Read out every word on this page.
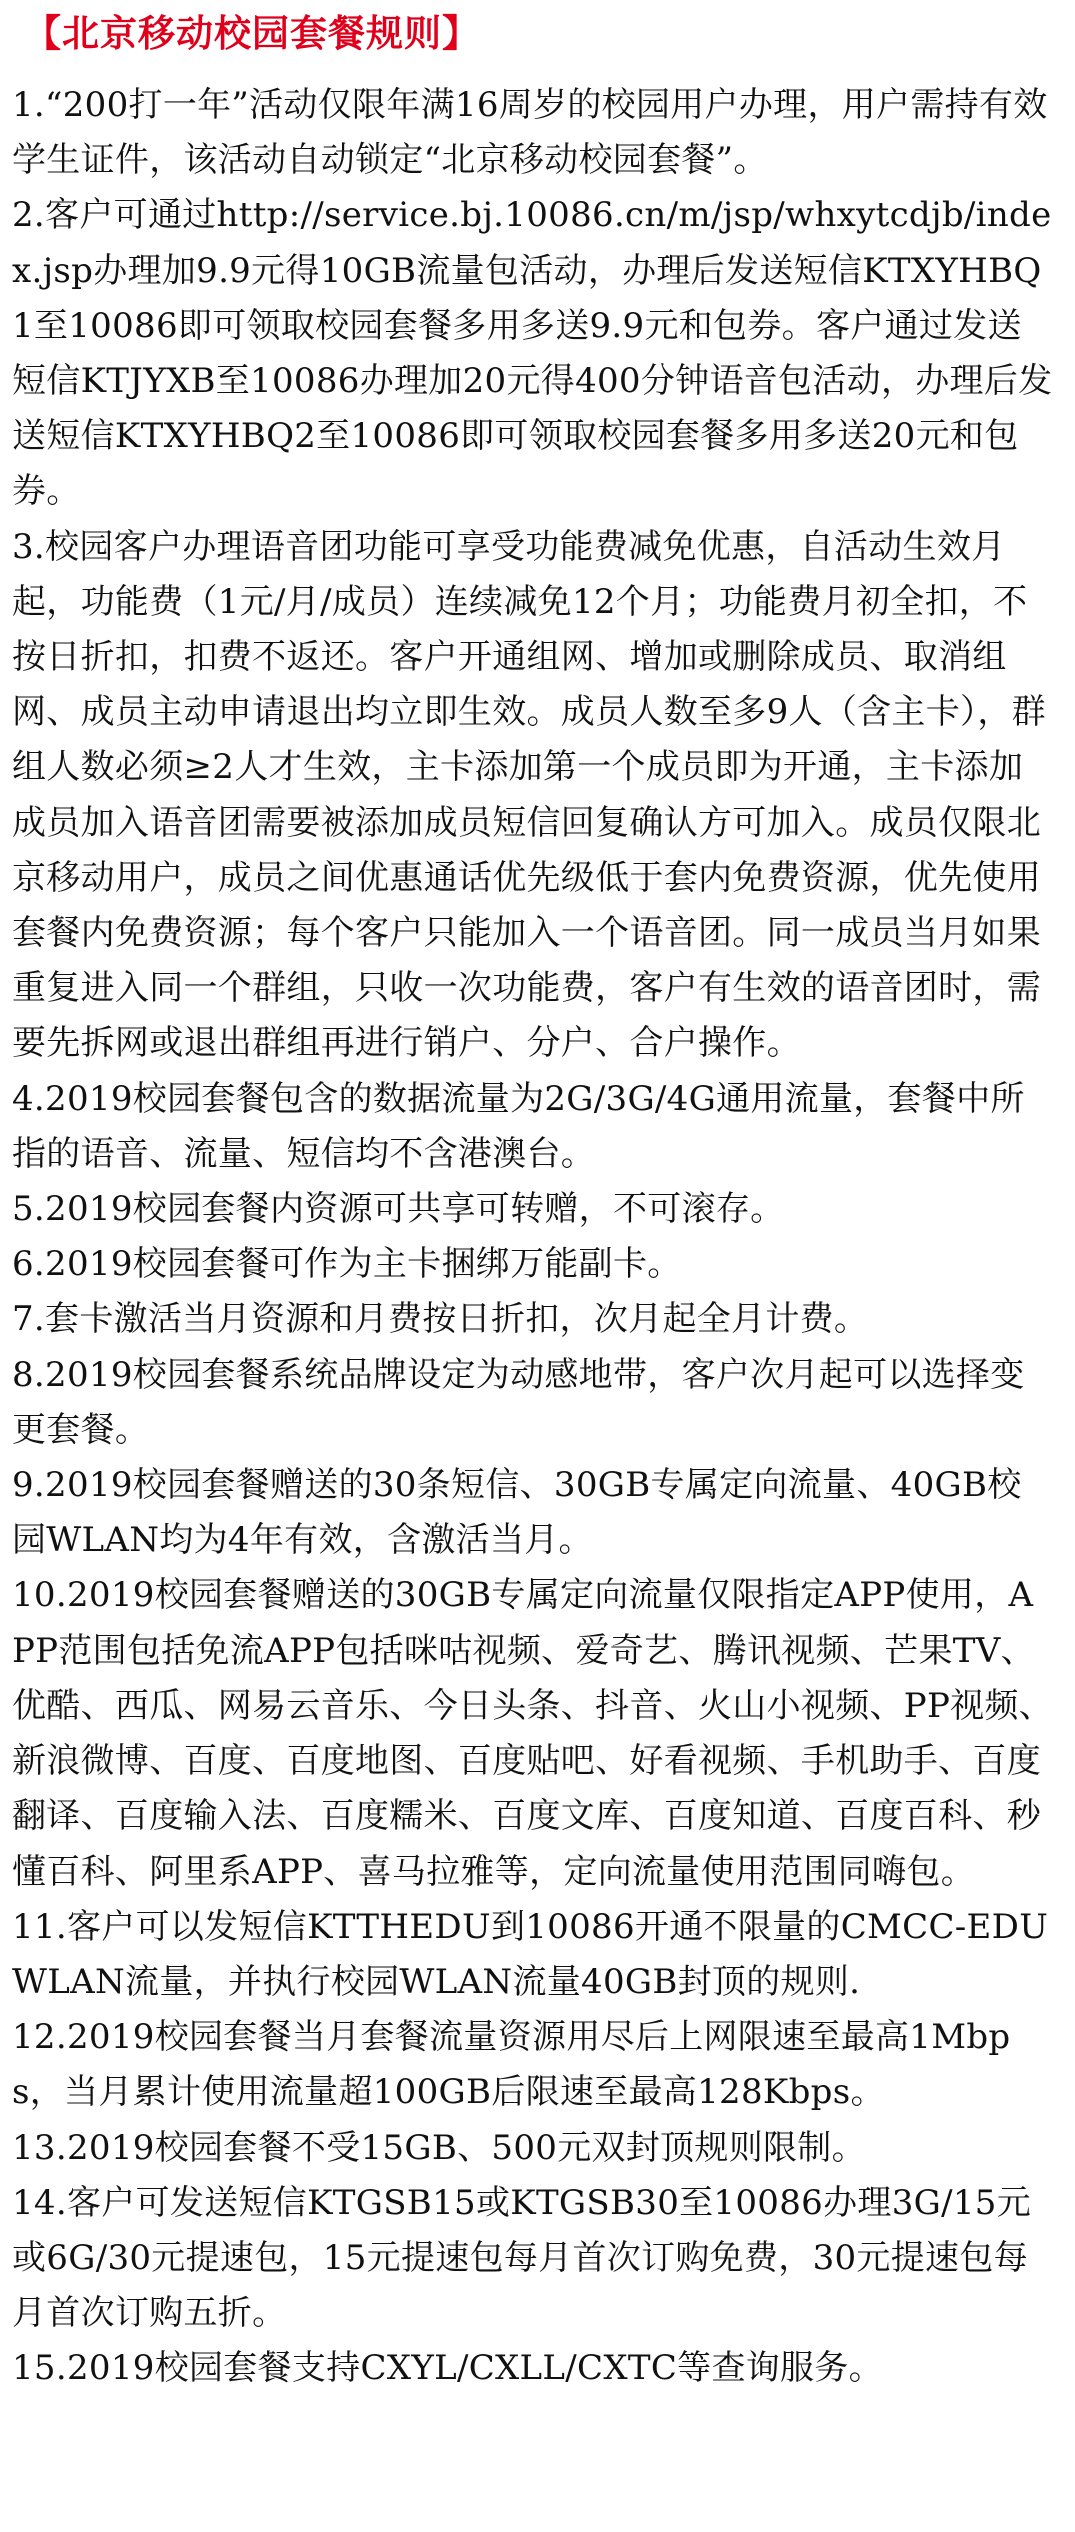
【北京移动校园套餐规则】
1.“200打一年”活动仅限年满16周岁的校园用户办理，用户需持有效学生证件，该活动自动锁定“北京移动校园套餐”。
2.客户可通过http://service.bj.10086.cn/m/jsp/whxytcdjb/index.jsp办理加9.9元得10GB流量包活动，办理后发送短信KTXYHBQ1至10086即可领取校园套餐多用多送9.9元和包券。客户通过发送短信KTJYXB至10086办理加20元得400分钟语音包活动，办理后发送短信KTXYHBQ2至10086即可领取校园套餐多用多送20元和包券。
3.校园客户办理语音团功能可享受功能费减免优惠，自活动生效月起，功能费（1元/月/成员）连续减免12个月；功能费月初全扣，不按日折扣，扣费不返还。客户开通组网、增加或删除成员、取消组网、成员主动申请退出均立即生效。成员人数至多9人（含主卡），群组人数必须≥2人才生效，主卡添加第一个成员即为开通，主卡添加成员加入语音团需要被添加成员短信回复确认方可加入。成员仅限北京移动用户，成员之间优惠通话优先级低于套内免费资源，优先使用套餐内免费资源；每个客户只能加入一个语音团。同一成员当月如果重复进入同一个群组，只收一次功能费，客户有生效的语音团时，需要先拆网或退出群组再进行销户、分户、合户操作。
4.2019校园套餐包含的数据流量为2G/3G/4G通用流量，套餐中所指的语音、流量、短信均不含港澳台。
5.2019校园套餐内资源可共享可转赠，不可滚存。
6.2019校园套餐可作为主卡捆绑万能副卡。
7.套卡激活当月资源和月费按日折扣，次月起全月计费。
8.2019校园套餐系统品牌设定为动感地带，客户次月起可以选择变更套餐。
9.2019校园套餐赠送的30条短信、30GB专属定向流量、40GB校园WLAN均为4年有效，含激活当月。
10.2019校园套餐赠送的30GB专属定向流量仅限指定APP使用，APP范围包括免流APP包括咪咕视频、爱奇艺、腾讯视频、芒果TV、优酷、西瓜、网易云音乐、今日头条、抖音、火山小视频、PP视频、新浪微博、百度、百度地图、百度贴吧、好看视频、手机助手、百度翻译、百度输入法、百度糯米、百度文库、百度知道、百度百科、秒懂百科、阿里系APP、喜马拉雅等，定向流量使用范围同嗨包。
11.客户可以发短信KTTHEDU到10086开通不限量的CMCC-EDU WLAN流量，并执行校园WLAN流量40GB封顶的规则.
12.2019校园套餐当月套餐流量资源用尽后上网限速至最高1Mbps，当月累计使用流量超100GB后限速至最高128Kbps。
13.2019校园套餐不受15GB、500元双封顶规则限制。
14.客户可发送短信KTGSB15或KTGSB30至10086办理3G/15元或6G/30元提速包，15元提速包每月首次订购免费，30元提速包每月首次订购五折。
15.2019校园套餐支持CXYL/CXLL/CXTC等查询服务。
